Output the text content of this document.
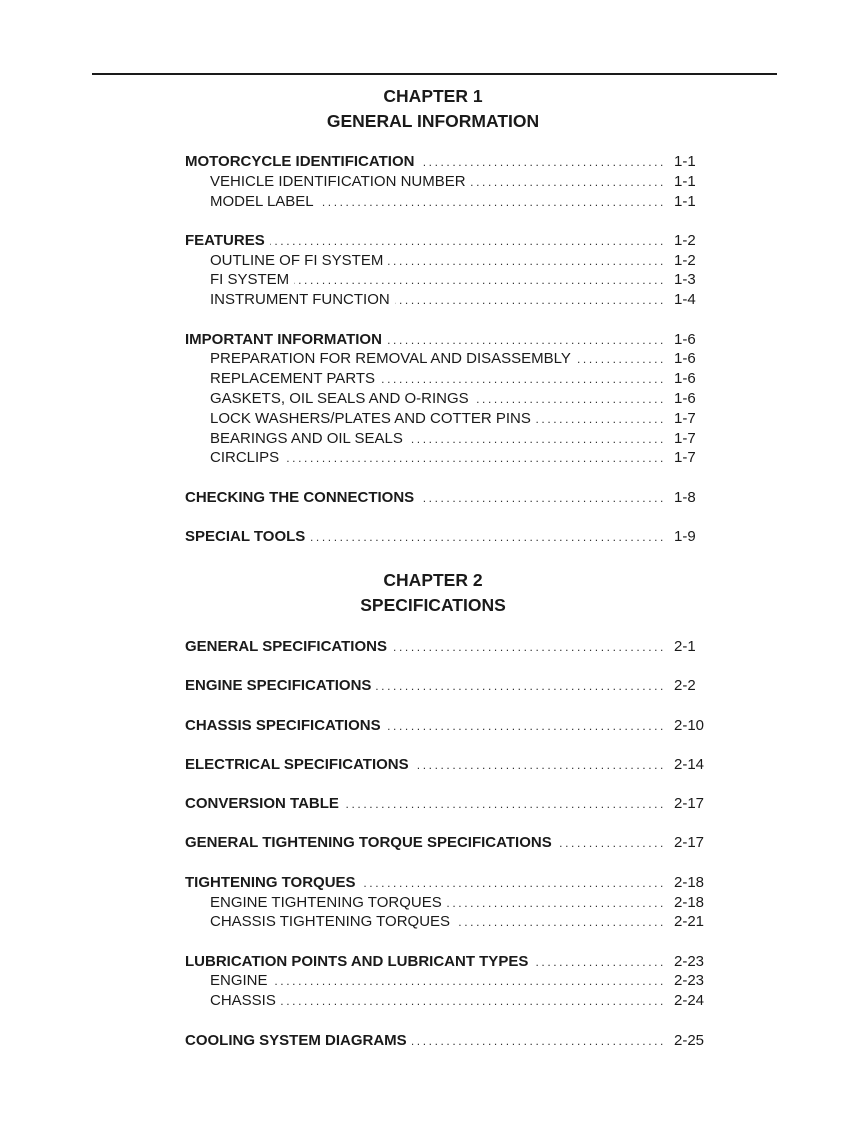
CHAPTER 1
GENERAL INFORMATION
MOTORCYCLE IDENTIFICATION .....	1-1
VEHICLE IDENTIFICATION NUMBER .....	1-1
MODEL LABEL .....	1-1
FEATURES .....	1-2
OUTLINE OF FI SYSTEM .....	1-2
FI SYSTEM .....	1-3
INSTRUMENT FUNCTION .....	1-4
IMPORTANT INFORMATION .....	1-6
PREPARATION FOR REMOVAL AND DISASSEMBLY .....	1-6
REPLACEMENT PARTS .....	1-6
GASKETS, OIL SEALS AND O-RINGS .....	1-6
LOCK WASHERS/PLATES AND COTTER PINS .....	1-7
BEARINGS AND OIL SEALS .....	1-7
CIRCLIPS .....	1-7
CHECKING THE CONNECTIONS .....	1-8
SPECIAL TOOLS .....	1-9
CHAPTER 2
SPECIFICATIONS
GENERAL SPECIFICATIONS .....	2-1
ENGINE SPECIFICATIONS .....	2-2
CHASSIS SPECIFICATIONS .....	2-10
ELECTRICAL SPECIFICATIONS .....	2-14
CONVERSION TABLE .....	2-17
GENERAL TIGHTENING TORQUE SPECIFICATIONS .....	2-17
TIGHTENING TORQUES .....	2-18
ENGINE TIGHTENING TORQUES .....	2-18
CHASSIS TIGHTENING TORQUES .....	2-21
LUBRICATION POINTS AND LUBRICANT TYPES .....	2-23
ENGINE .....	2-23
CHASSIS .....	2-24
COOLING SYSTEM DIAGRAMS .....	2-25
